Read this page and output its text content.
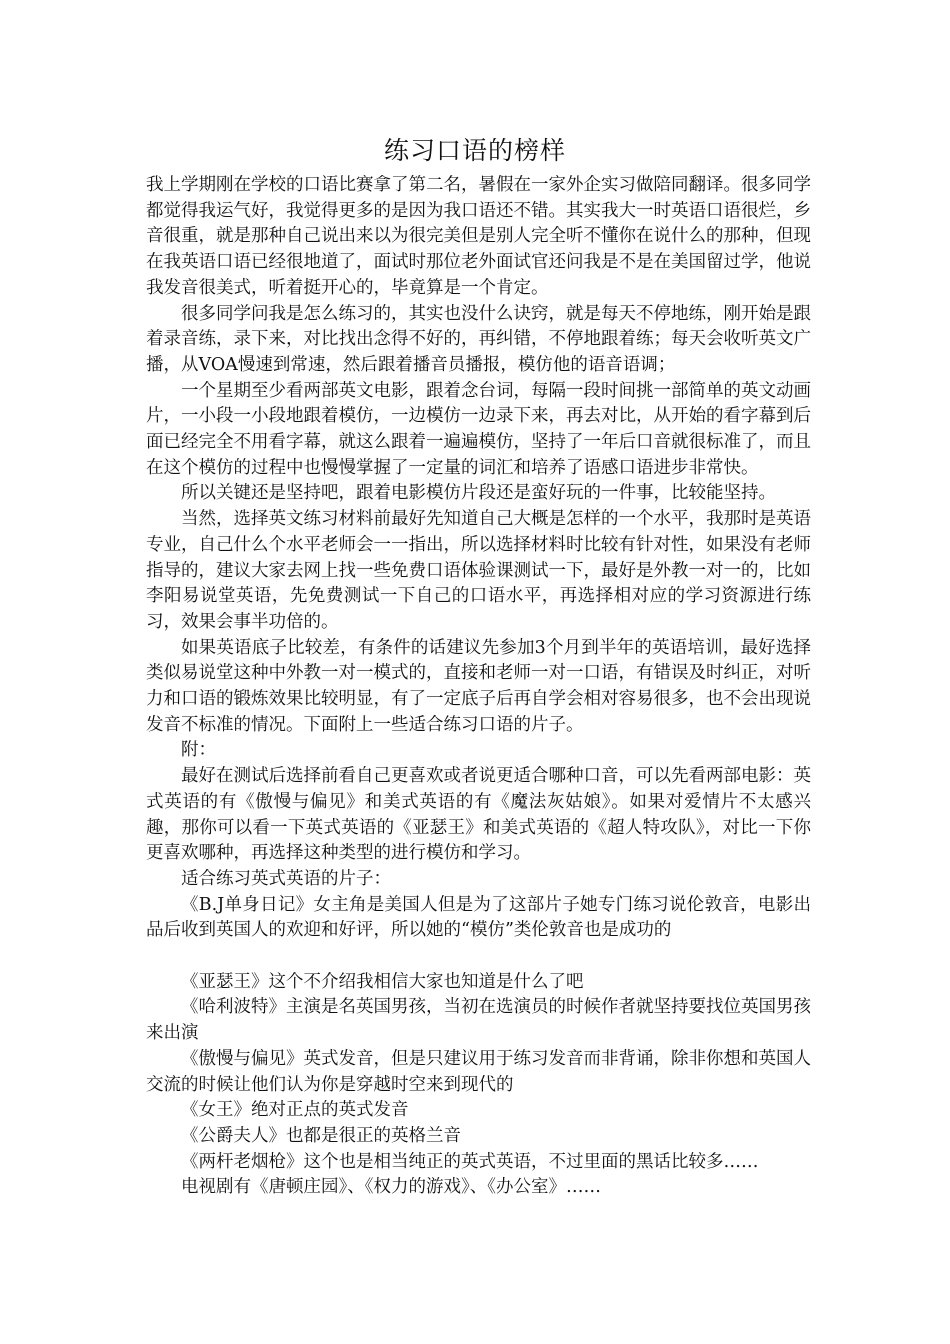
练习口语的榜样

我上学期刚在学校的口语比赛拿了第二名，暑假在一家外企实习做陪同翻译。很多同学都觉得我运气好，我觉得更多的是因为我口语还不错。其实我大一时英语口语很烂，乡音很重，就是那种自己说出来以为很完美但是别人完全听不懂你在说什么的那种，但现在我英语口语已经很地道了，面试时那位老外面试官还问我是不是在美国留过学，他说我发音很美式，听着挺开心的，毕竟算是一个肯定。

很多同学问我是怎么练习的，其实也没什么诀窍，就是每天不停地练，刚开始是跟着录音练，录下来，对比找出念得不好的，再纠错，不停地跟着练；每天会收听英文广播，从VOA慢速到常速，然后跟着播音员播报，模仿他的语音语调；

一个星期至少看两部英文电影，跟着念台词，每隔一段时间挑一部简单的英文动画片，一小段一小段地跟着模仿，一边模仿一边录下来，再去对比，从开始的看字幕到后面已经完全不用看字幕，就这么跟着一遍遍模仿，坚持了一年后口音就很标准了，而且在这个模仿的过程中也慢慢掌握了一定量的词汇和培养了语感口语进步非常快。

所以关键还是坚持吧，跟着电影模仿片段还是蛮好玩的一件事，比较能坚持。

当然，选择英文练习材料前最好先知道自己大概是怎样的一个水平，我那时是英语专业，自己什么个水平老师会一一指出，所以选择材料时比较有针对性，如果没有老师指导的，建议大家去网上找一些免费口语体验课测试一下，最好是外教一对一的，比如李阳易说堂英语，先免费测试一下自己的口语水平，再选择相对应的学习资源进行练习，效果会事半功倍的。

如果英语底子比较差，有条件的话建议先参加3个月到半年的英语培训，最好选择类似易说堂这种中外教一对一模式的，直接和老师一对一口语，有错误及时纠正，对听力和口语的锻炼效果比较明显，有了一定底子后再自学会相对容易很多，也不会出现说发音不标准的情况。下面附上一些适合练习口语的片子。

附：

最好在测试后选择前看自己更喜欢或者说更适合哪种口音，可以先看两部电影：英式英语的有《傲慢与偏见》和美式英语的有《魔法灰姑娘》。如果对爱情片不太感兴趣，那你可以看一下英式英语的《亚瑟王》和美式英语的《超人特攻队》，对比一下你更喜欢哪种，再选择这种类型的进行模仿和学习。

适合练习英式英语的片子：

《B.J单身日记》女主角是美国人但是为了这部片子她专门练习说伦敦音，电影出品后收到英国人的欢迎和好评，所以她的“模仿”类伦敦音也是成功的

《亚瑟王》这个不介绍我相信大家也知道是什么了吧

《哈利波特》主演是名英国男孩，当初在选演员的时候作者就坚持要找位英国男孩来出演

《傲慢与偏见》英式发音，但是只建议用于练习发音而非背诵，除非你想和英国人交流的时候让他们认为你是穿越时空来到现代的

《女王》绝对正点的英式发音

《公爵夫人》也都是很正的英格兰音

《两杆老烟枪》这个也是相当纯正的英式英语，不过里面的黑话比较多……

电视剧有《唐顿庄园》、《权力的游戏》、《办公室》……
